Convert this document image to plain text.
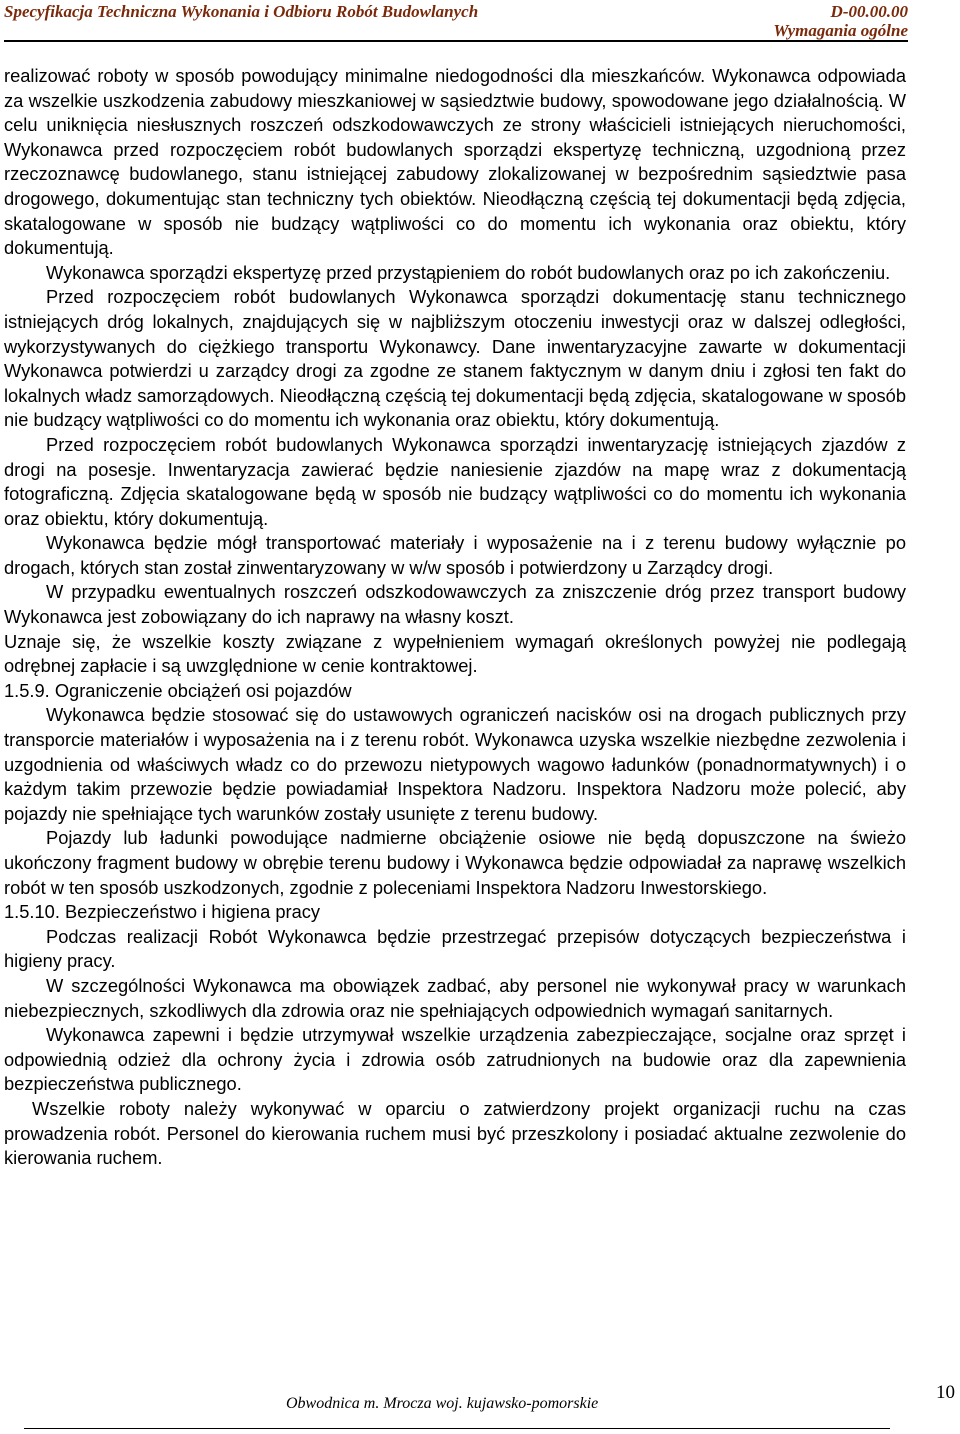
Specyfikacja Techniczna Wykonania i Odbioru Robót Budowlanych	D-00.00.00
Wymagania ogólne

realizować roboty w sposób powodujący minimalne niedogodności dla mieszkańców. Wykonawca odpowiada za wszelkie uszkodzenia zabudowy mieszkaniowej w sąsiedztwie budowy, spowodowane jego działalnością. W celu uniknięcia niesłusznych roszczeń odszkodowawczych ze strony właścicieli istniejących nieruchomości, Wykonawca przed rozpoczęciem robót budowlanych sporządzi ekspertyzę techniczną, uzgodnioną przez rzeczoznawcę budowlanego, stanu istniejącej zabudowy zlokalizowanej w bezpośrednim sąsiedztwie pasa drogowego, dokumentując stan techniczny tych obiektów. Nieodłączną częścią tej dokumentacji będą zdjęcia, skatalogowane w sposób nie budzący wątpliwości co do momentu ich wykonania oraz obiektu, który dokumentują.

Wykonawca sporządzi ekspertyzę przed przystąpieniem do robót budowlanych oraz po ich zakończeniu.

Przed rozpoczęciem robót budowlanych Wykonawca sporządzi dokumentację stanu technicznego istniejących dróg lokalnych, znajdujących się w najbliższym otoczeniu inwestycji oraz w dalszej odległości, wykorzystywanych do ciężkiego transportu Wykonawcy. Dane inwentaryzacyjne zawarte w dokumentacji Wykonawca potwierdzi u zarządcy drogi za zgodne ze stanem faktycznym w danym dniu i zgłosi ten fakt do lokalnych władz samorządowych. Nieodłączną częścią tej dokumentacji będą zdjęcia, skatalogowane w sposób nie budzący wątpliwości co do momentu ich wykonania oraz obiektu, który dokumentują.

Przed rozpoczęciem robót budowlanych Wykonawca sporządzi inwentaryzację istniejących zjazdów z drogi na posesje. Inwentaryzacja zawierać będzie naniesienie zjazdów na mapę wraz z dokumentacją fotograficzną. Zdjęcia skatalogowane będą w sposób nie budzący wątpliwości co do momentu ich wykonania oraz obiektu, który dokumentują.

Wykonawca będzie mógł transportować materiały i wyposażenie na i z terenu budowy wyłącznie po drogach, których stan został zinwentaryzowany w w/w sposób i potwierdzony u Zarządcy drogi.

W przypadku ewentualnych roszczeń odszkodowawczych za zniszczenie dróg przez transport budowy Wykonawca jest zobowiązany do ich naprawy na własny koszt.

Uznaje się, że wszelkie koszty związane z wypełnieniem wymagań określonych powyżej nie podlegają odrębnej zapłacie i są uwzględnione w cenie kontraktowej.

1.5.9. Ograniczenie obciążeń osi pojazdów

Wykonawca będzie stosować się do ustawowych ograniczeń nacisków osi na drogach publicznych przy transporcie materiałów i wyposażenia na i z terenu robót. Wykonawca uzyska wszelkie niezbędne zezwolenia i uzgodnienia od właściwych władz co do przewozu nietypowych wagowo ładunków (ponadnormatywnych) i o każdym takim przewozie będzie powiadamiał Inspektora Nadzoru. Inspektora Nadzoru może polecić, aby pojazdy nie spełniające tych warunków zostały usunięte z terenu budowy.

Pojazdy lub ładunki powodujące nadmierne obciążenie osiowe nie będą dopuszczone na świeżo ukończony fragment budowy w obrębie terenu budowy i Wykonawca będzie odpowiadał za naprawę wszelkich robót w ten sposób uszkodzonych, zgodnie z poleceniami Inspektora Nadzoru Inwestorskiego.

1.5.10. Bezpieczeństwo i higiena pracy

Podczas realizacji Robót Wykonawca będzie przestrzegać przepisów dotyczących bezpieczeństwa i higieny pracy.

W szczególności Wykonawca ma obowiązek zadbać, aby personel nie wykonywał pracy w warunkach niebezpiecznych, szkodliwych dla zdrowia oraz nie spełniających odpowiednich wymagań sanitarnych.

Wykonawca zapewni i będzie utrzymywał wszelkie urządzenia zabezpieczające, socjalne oraz sprzęt i odpowiednią odzież dla ochrony życia i zdrowia osób zatrudnionych na budowie oraz dla zapewnienia bezpieczeństwa publicznego.

Wszelkie roboty należy wykonywać w oparciu o zatwierdzony projekt organizacji ruchu na czas prowadzenia robót. Personel do kierowania ruchem musi być przeszkolony i posiadać aktualne zezwolenie do kierowania ruchem.

Obwodnica m. Mrocza woj. kujawsko-pomorskie
10
